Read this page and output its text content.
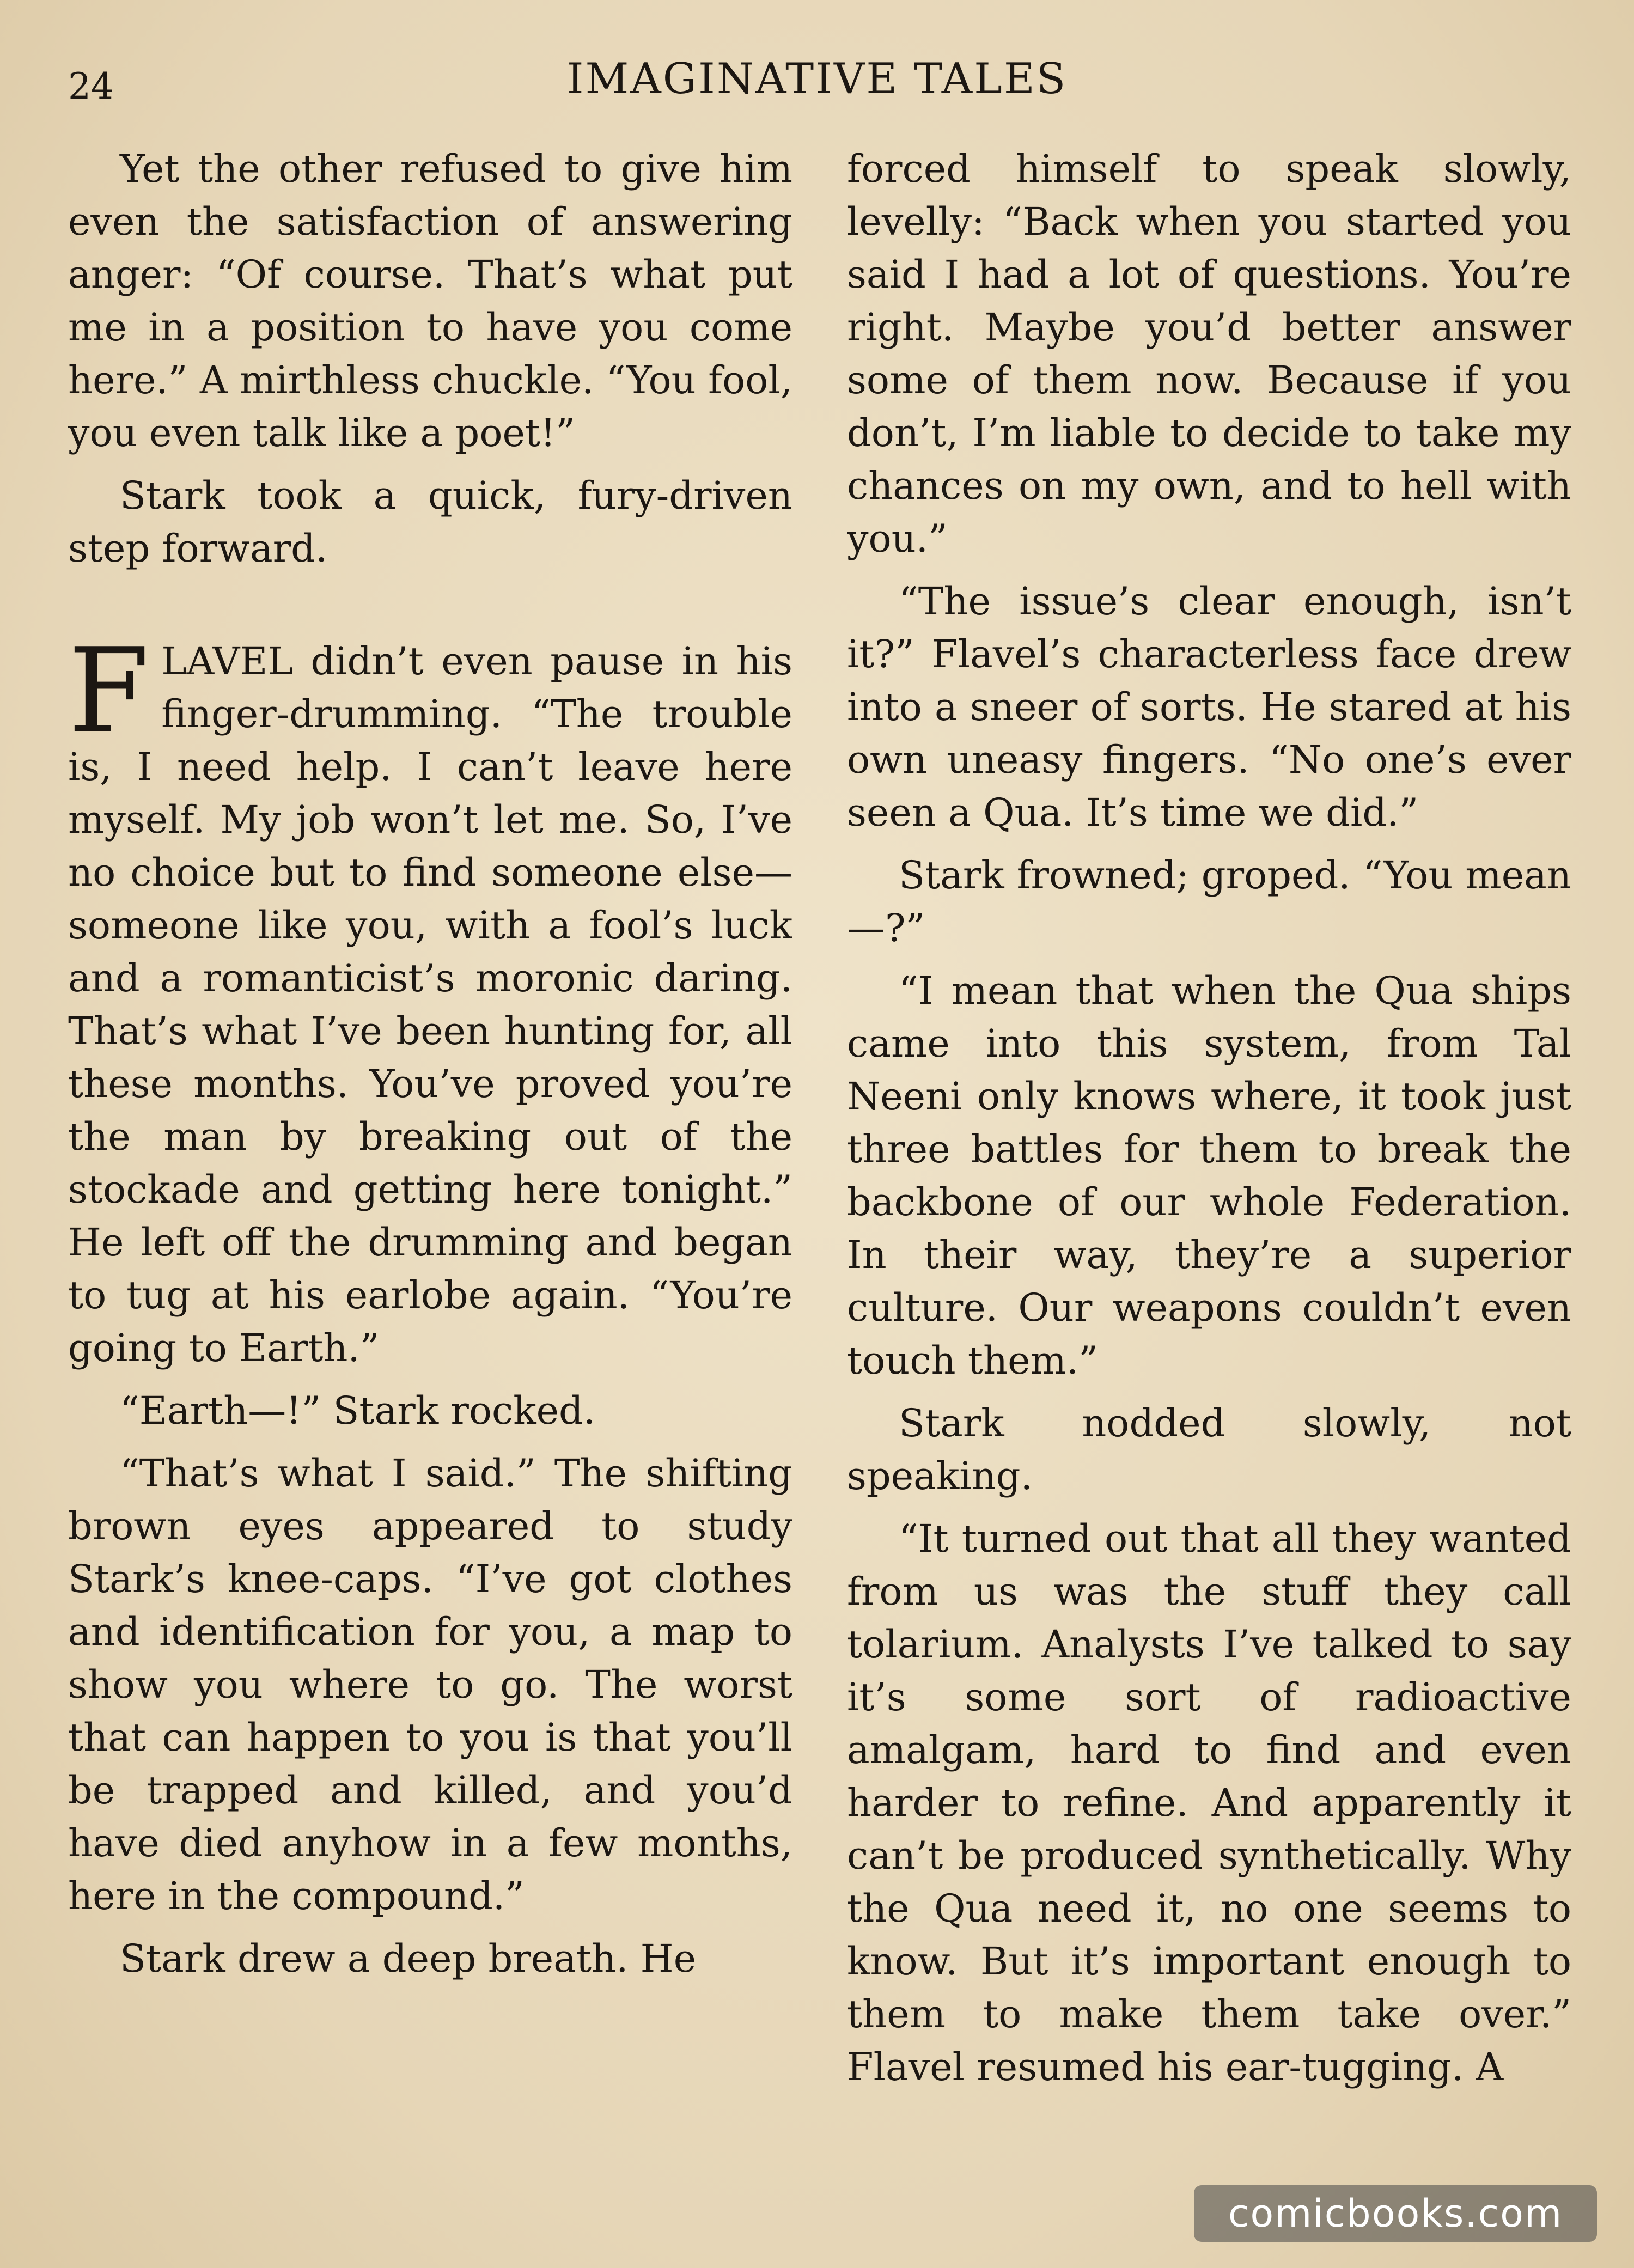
24	IMAGINATIVE TALES

Yet the other refused to give him even the satisfaction of answering anger: “Of course. That’s what put me in a position to have you come here.” A mirthless chuckle. “You fool, you even talk like a poet!”

Stark took a quick, fury-driven step forward.

F LAVEL didn’t even pause in his finger-drumming. “The trouble is, I need help. I can’t leave here myself. My job won’t let me. So, I’ve no choice but to find someone else—someone like you, with a fool’s luck and a romanticist’s moronic daring. That’s what I’ve been hunting for, all these months. You’ve proved you’re the man by breaking out of the stockade and getting here tonight.” He left off the drumming and began to tug at his earlobe again. “You’re going to Earth.”

“Earth—!” Stark rocked.

“That’s what I said.” The shifting brown eyes appeared to study Stark’s knee-caps. “I’ve got clothes and identification for you, a map to show you where to go. The worst that can happen to you is that you’ll be trapped and killed, and you’d have died anyhow in a few months, here in the compound.”

Stark drew a deep breath. He

forced himself to speak slowly, levelly: “Back when you started you said I had a lot of questions. You’re right. Maybe you’d better answer some of them now. Because if you don’t, I’m liable to decide to take my chances on my own, and to hell with you.”

“The issue’s clear enough, isn’t it?” Flavel’s characterless face drew into a sneer of sorts. He stared at his own uneasy fingers. “No one’s ever seen a Qua. It’s time we did.”

Stark frowned; groped. “You mean—?”

“I mean that when the Qua ships came into this system, from Tal Neeni only knows where, it took just three battles for them to break the backbone of our whole Federation. In their way, they’re a superior culture. Our weapons couldn’t even touch them.”

Stark nodded slowly, not speaking.

“It turned out that all they wanted from us was the stuff they call tolarium. Analysts I’ve talked to say it’s some sort of radioactive amalgam, hard to find and even harder to refine. And apparently it can’t be produced synthetically. Why the Qua need it, no one seems to know. But it’s important enough to them to make them take over.” Flavel resumed his ear-tugging. A

comicbooks.com
